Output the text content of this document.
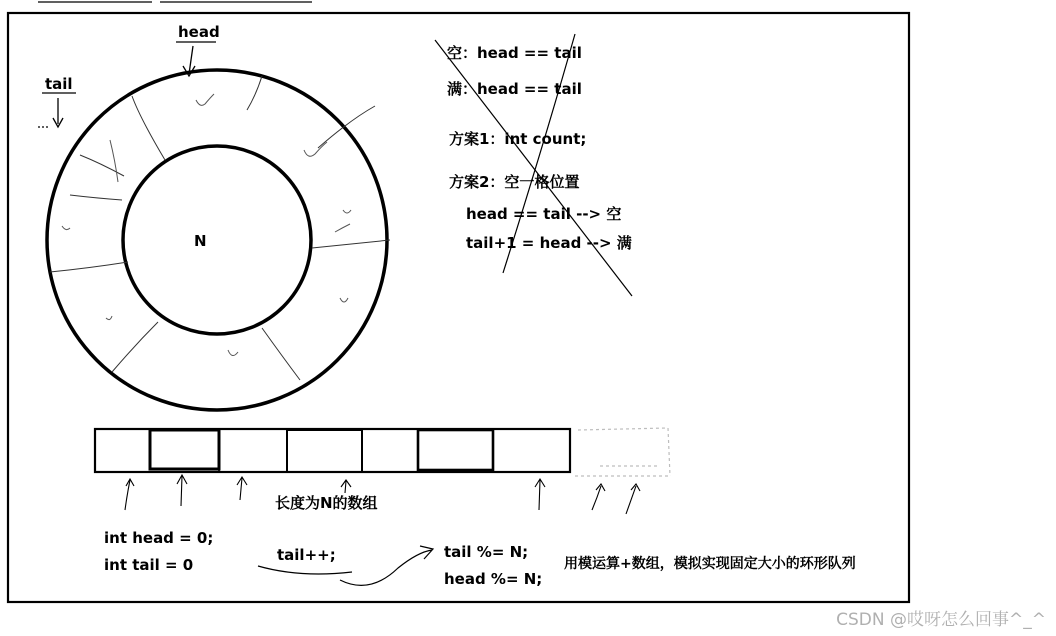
head
tail
N
空：head == tail
满：head == tail
方案1：int count;
方案2：空一格位置
head == tail --> 空
tail+1 = head --> 满
长度为N的数组
int head = 0;
int tail = 0
tail++;	tail %= N;
head %= N;
用模运算+数组，模拟实现固定大小的环形队列
CSDN @哎呀怎么回事^_^
